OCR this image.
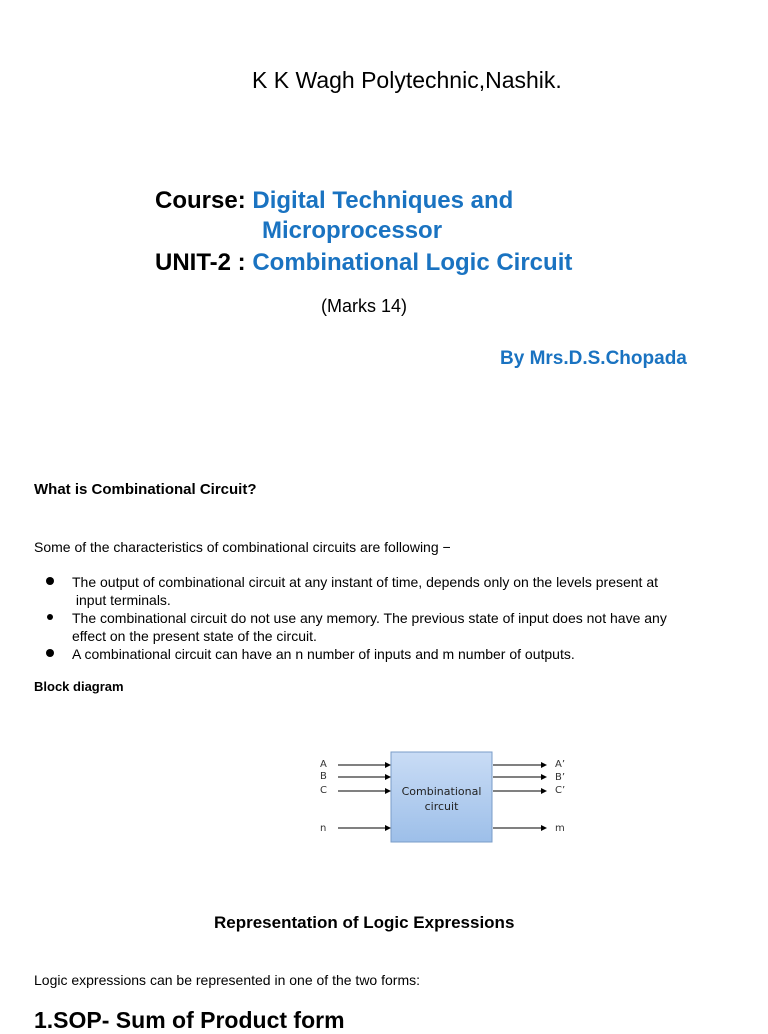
K K Wagh Polytechnic,Nashik.
Course: Digital Techniques and
Microprocessor
UNIT-2 : Combinational Logic Circuit
(Marks 14)
By Mrs.D.S.Chopada
What is Combinational Circuit?
Some of the characteristics of combinational circuits are following −
The output of combinational circuit at any instant of time, depends only on the levels present at
input terminals.
The combinational circuit do not use any memory. The previous state of input does not have any
effect on the present state of the circuit.
A combinational circuit can have an n number of inputs and m number of outputs.
Block diagram
Combinational
circuit
A
B
C
n
A’
B’
C’
m
Representation of Logic Expressions
Logic expressions can be represented in one of the two forms:
1.SOP- Sum of Product form
